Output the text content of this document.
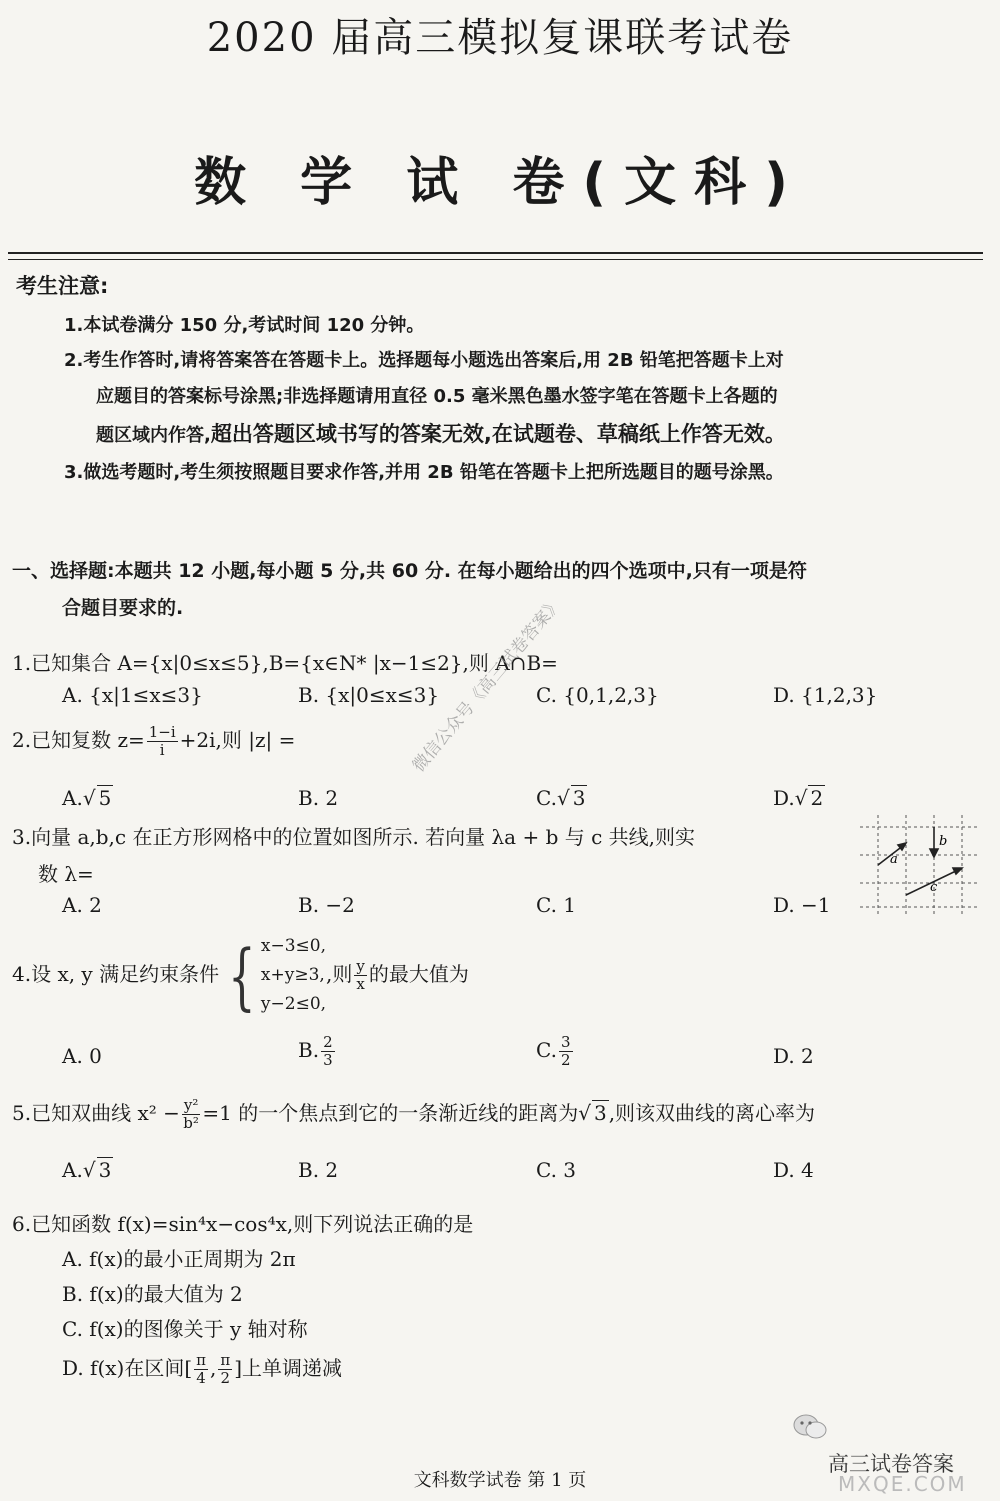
2020 届高三模拟复课联考试卷
数 学 试 卷(文科)
考生注意:
1.本试卷满分 150 分,考试时间 120 分钟。
2.考生作答时,请将答案答在答题卡上。选择题每小题选出答案后,用 2B 铅笔把答题卡上对
应题目的答案标号涂黑;非选择题请用直径 0.5 毫米黑色墨水签字笔在答题卡上各题的
题区域内作答,超出答题区域书写的答案无效,在试题卷、草稿纸上作答无效。
3.做选考题时,考生须按照题目要求作答,并用 2B 铅笔在答题卡上把所选题目的题号涂黑。
一、选择题:本题共 12 小题,每小题 5 分,共 60 分. 在每小题给出的四个选项中,只有一项是符
合题目要求的.
1.已知集合 A={x|0≤x≤5},B={x∈N* |x−1≤2},则 A∩B=
A. {x|1≤x≤3}	B. {x|0≤x≤3}	C. {0,1,2,3}	D. {1,2,3}
2.已知复数 $z= \frac{1-i}{i} +2i$,则 |z| =
A.√ 5	B. 2	C.√ 3	D.√ 2
3.向量 a,b,c 在正方形网格中的位置如图所示. 若向量 λa + b 与 c 共线,则实
数 λ=
A. 2	B. −2	C. 1	D. −1
a
b
c
4.设 x, y 满足约束条件 { x−3≤0,
x+y≥3,
y−2≤0,
,则 $\frac{y}{x}$ 的最大值为
A. 0	B. $\frac{2}{3}$	C. $\frac{3}{2}$	D. 2
5.已知双曲线 $x^2 - \frac{\text{y²}}{\text{b²}} =1$ 的一个焦点到它的一条渐近线的距离为√ 3 ,则该双曲线的离心率为
A.√ 3	B. 2	C. 3	D. 4
6.已知函数 f(x)=sin⁴x−cos⁴x,则下列说法正确的是
A. f(x)的最小正周期为 2π
B. f(x)的最大值为 2
C. f(x)的图像关于 y 轴对称
D. f(x)在区间[ $\frac{\pi}{4}$ , $\frac{\pi}{2}$ ]上单调递减
微信公众号《高三试卷答案》
高三试卷答案
MXQE.COM
文科数学试卷 第 1 页
